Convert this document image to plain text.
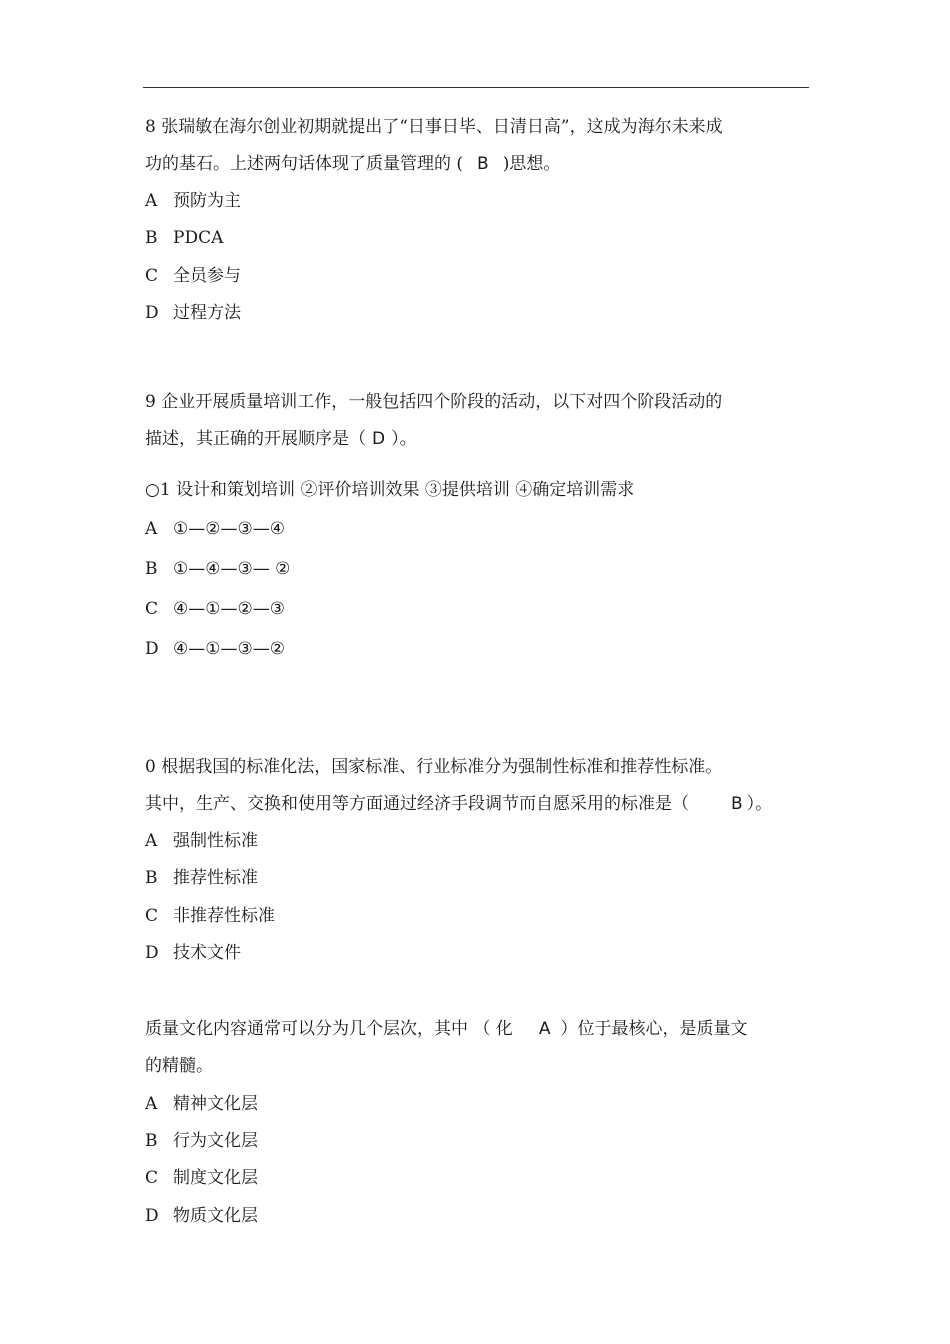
8 张瑞敏在海尔创业初期就提出了“日事日毕、日清日高”，这成为海尔未来成
功的基石。上述两句话体现了质量管理的 ( B )思想。
A 预防为主
B PDCA
C 全员参与
D 过程方法
9 企业开展质量培训工作，一般包括四个阶段的活动，以下对四个阶段活动的
描述，其正确的开展顺序是（ D ）。
○1 设计和策划培训 ②评价培训效果 ③提供培训 ④确定培训需求
A ①—②—③—④
B ①—④—③— ②
C ④—①—②—③
D ④—①—③—②
0 根据我国的标准化法，国家标准、行业标准分为强制性标准和推荐性标准。
其中，生产、交换和使用等方面通过经济手段调节而自愿采用的标准是（ B ）。
A 强制性标准
B 推荐性标准
C 非推荐性标准
D 技术文件
质量文化内容通常可以分为几个层次，其中 （ 化 A ）位于最核心，是质量文
的精髓。
A 精神文化层
B 行为文化层
C 制度文化层
D 物质文化层
